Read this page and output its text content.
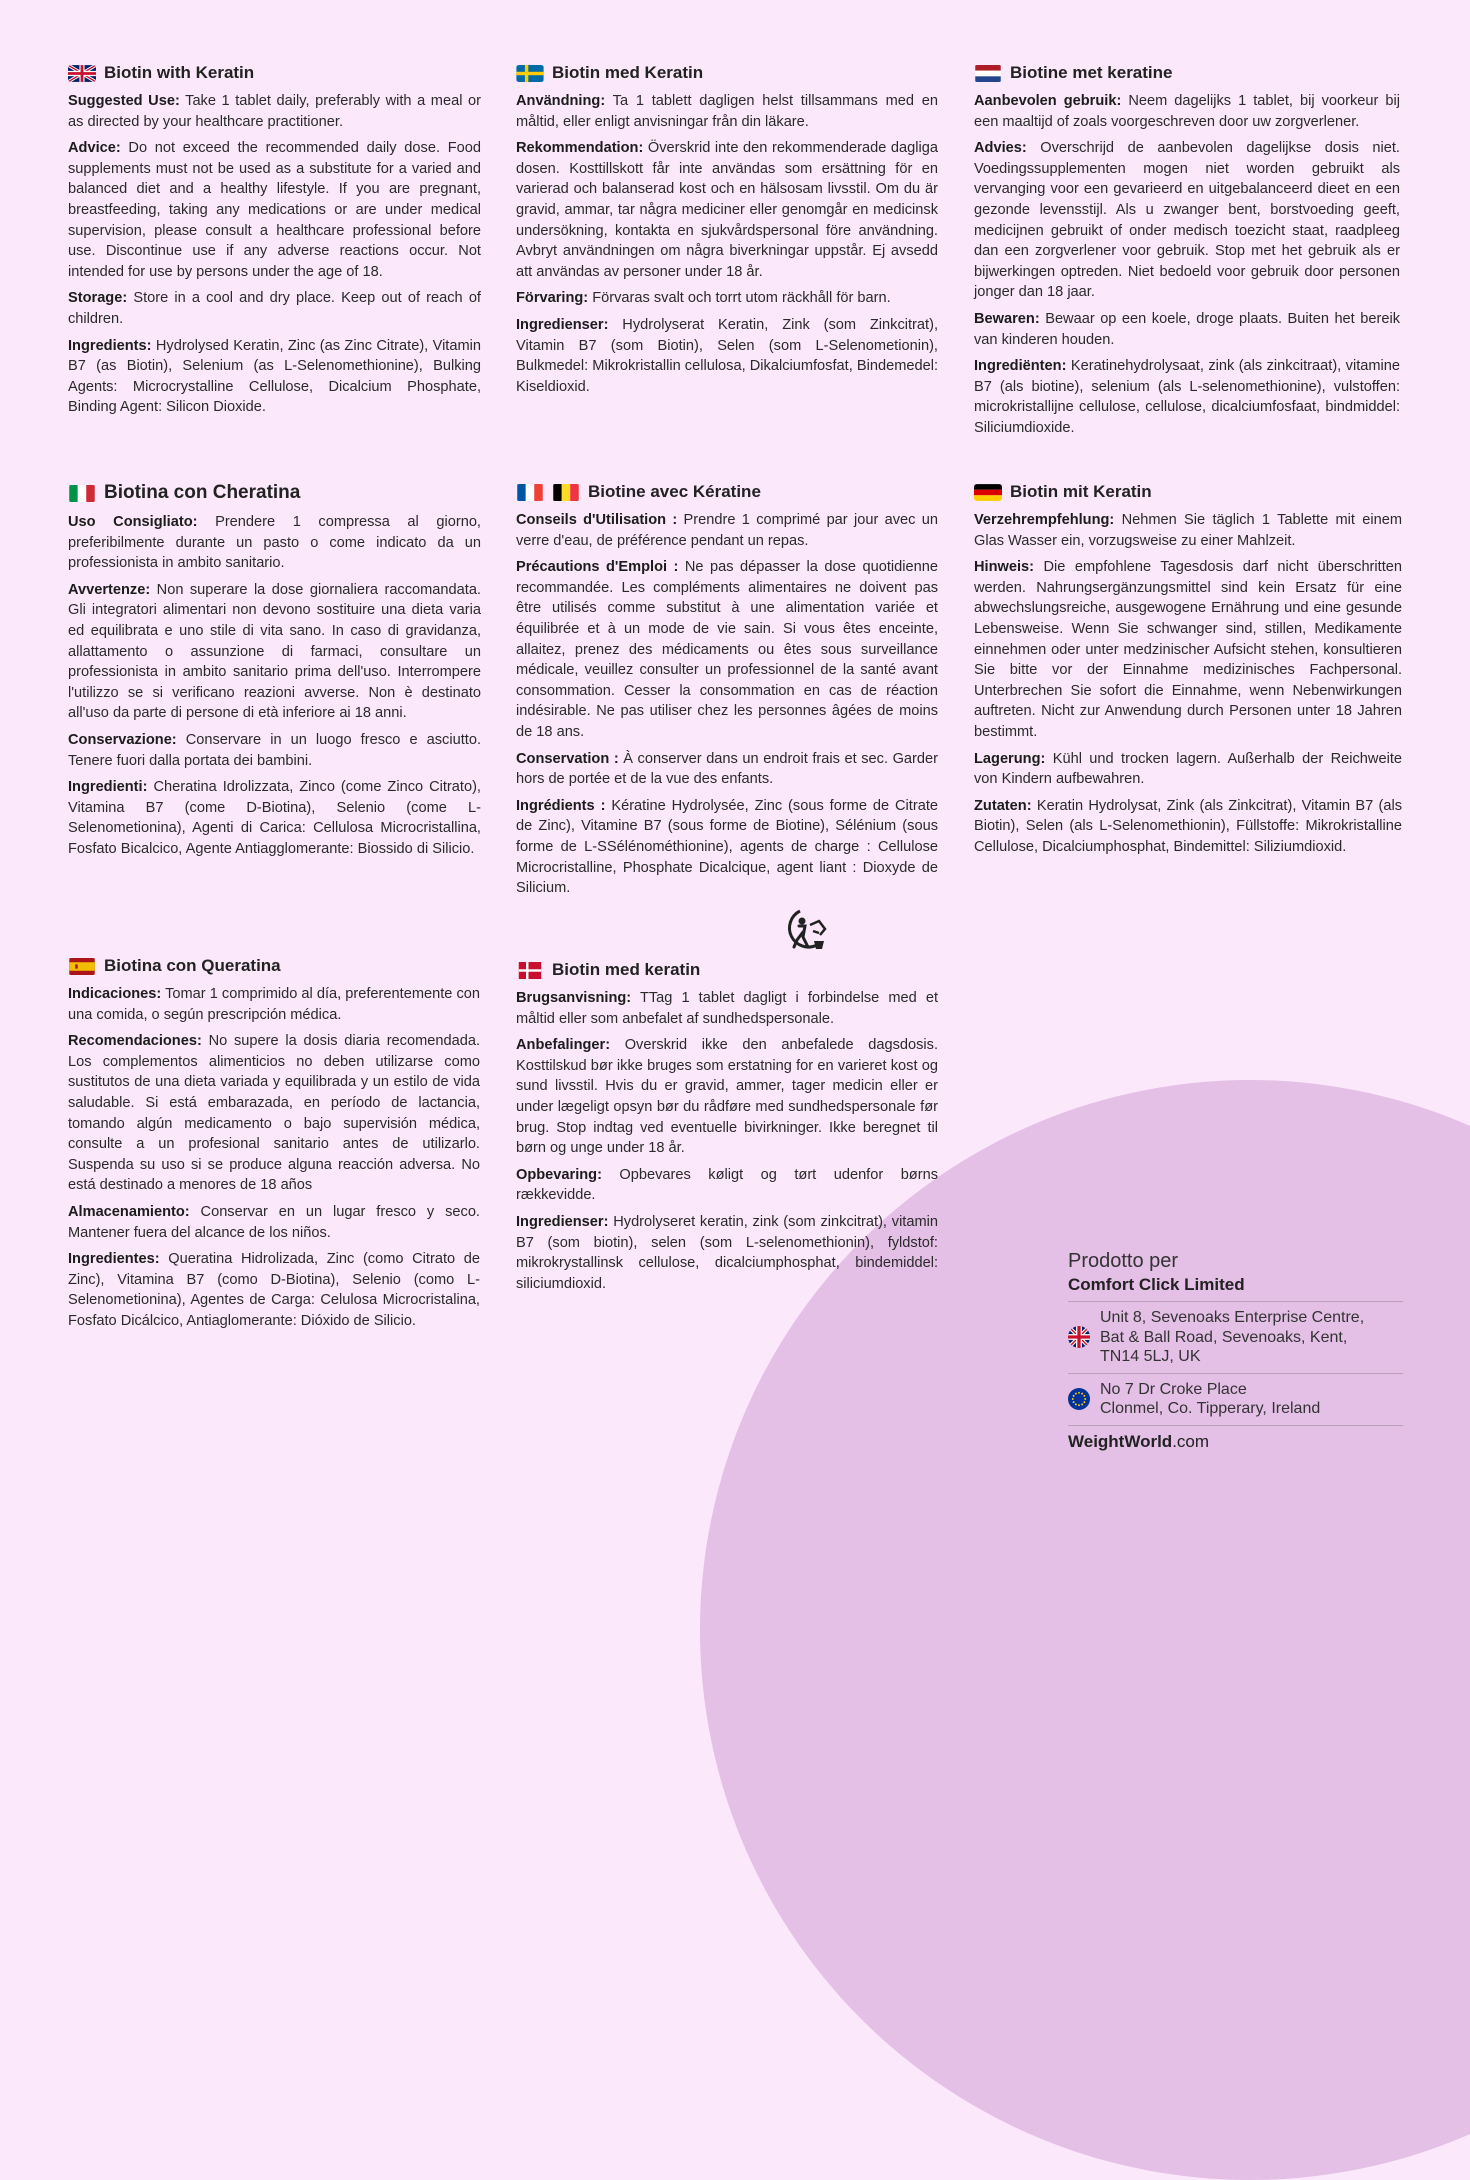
Biotin with Keratin

Suggested Use: Take 1 tablet daily, preferably with a meal or as directed by your healthcare practitioner.

Advice: Do not exceed the recommended daily dose. Food supplements must not be used as a substitute for a varied and balanced diet and a healthy lifestyle. If you are pregnant, breastfeeding, taking any medications or are under medical supervision, please consult a healthcare professional before use. Discontinue use if any adverse reactions occur. Not intended for use by persons under the age of 18.

Storage: Store in a cool and dry place. Keep out of reach of children.

Ingredients: Hydrolysed Keratin, Zinc (as Zinc Citrate), Vitamin B7 (as Biotin), Selenium (as L-Selenomethionine), Bulking Agents: Microcrystalline Cellulose, Dicalcium Phosphate, Binding Agent: Silicon Dioxide.

Biotin med Keratin

Användning: Ta 1 tablett dagligen helst tillsammans med en måltid, eller enligt anvisningar från din läkare.

Rekommendation: Överskrid inte den rekommenderade dagliga dosen. Kosttillskott får inte användas som ersättning för en varierad och balanserad kost och en hälsosam livsstil. Om du är gravid, ammar, tar några mediciner eller genomgår en medicinsk undersökning, kontakta en sjukvårdspersonal före användning. Avbryt användningen om några biverkningar uppstår. Ej avsedd att användas av personer under 18 år.

Förvaring: Förvaras svalt och torrt utom räckhåll för barn.

Ingredienser: Hydrolyserat Keratin, Zink (som Zinkcitrat), Vitamin B7 (som Biotin), Selen (som L-Selenometionin), Bulkmedel: Mikrokristallin cellulosa, Dikalciumfosfat, Bindemedel: Kiseldioxid.

Biotine met keratine

Aanbevolen gebruik: Neem dagelijks 1 tablet, bij voorkeur bij een maaltijd of zoals voorgeschreven door uw zorgverlener.

Advies: Overschrijd de aanbevolen dagelijkse dosis niet. Voedingssupplementen mogen niet worden gebruikt als vervanging voor een gevarieerd en uitgebalanceerd dieet en een gezonde levensstijl. Als u zwanger bent, borstvoeding geeft, medicijnen gebruikt of onder medisch toezicht staat, raadpleeg dan een zorgverlener voor gebruik. Stop met het gebruik als er bijwerkingen optreden. Niet bedoeld voor gebruik door personen jonger dan 18 jaar.

Bewaren: Bewaar op een koele, droge plaats. Buiten het bereik van kinderen houden.

Ingrediënten: Keratinehydrolysaat, zink (als zinkcitraat), vitamine B7 (als biotine), selenium (als L-selenomethionine), vulstoffen: microkristallijne cellulose, cellulose, dicalciumfosfaat, bindmiddel: Siliciumdioxide.

Biotina con Cheratina

Uso Consigliato: Prendere 1 compressa al giorno, preferibilmente durante un pasto o come indicato da un professionista in ambito sanitario.

Avvertenze: Non superare la dose giornaliera raccomandata. Gli integratori alimentari non devono sostituire una dieta varia ed equilibrata e uno stile di vita sano. In caso di gravidanza, allattamento o assunzione di farmaci, consultare un professionista in ambito sanitario prima dell'uso. Interrompere l'utilizzo se si verificano reazioni avverse. Non è destinato all'uso da parte di persone di età inferiore ai 18 anni.

Conservazione: Conservare in un luogo fresco e asciutto. Tenere fuori dalla portata dei bambini.

Ingredienti: Cheratina Idrolizzata, Zinco (come Zinco Citrato), Vitamina B7 (come D-Biotina), Selenio (come L-Selenometionina), Agenti di Carica: Cellulosa Microcristallina, Fosfato Bicalcico, Agente Antiagglomerante: Biossido di Silicio.

Biotine avec Kératine

Conseils d'Utilisation : Prendre 1 comprimé par jour avec un verre d'eau, de préférence pendant un repas.

Précautions d'Emploi : Ne pas dépasser la dose quotidienne recommandée. Les compléments alimentaires ne doivent pas être utilisés comme substitut à une alimentation variée et équilibrée et à un mode de vie sain. Si vous êtes enceinte, allaitez, prenez des médicaments ou êtes sous surveillance médicale, veuillez consulter un professionnel de la santé avant consommation. Cesser la consommation en cas de réaction indésirable. Ne pas utiliser chez les personnes âgées de moins de 18 ans.

Conservation : À conserver dans un endroit frais et sec. Garder hors de portée et de la vue des enfants.

Ingrédients : Kératine Hydrolysée, Zinc (sous forme de Citrate de Zinc), Vitamine B7 (sous forme de Biotine), Sélénium (sous forme de L-SSélénométhionine), agents de charge : Cellulose Microcristalline, Phosphate Dicalcique, agent liant : Dioxyde de Silicium.

Biotin mit Keratin

Verzehrempfehlung: Nehmen Sie täglich 1 Tablette mit einem Glas Wasser ein, vorzugsweise zu einer Mahlzeit.

Hinweis: Die empfohlene Tagesdosis darf nicht überschritten werden. Nahrungsergänzungsmittel sind kein Ersatz für eine abwechslungsreiche, ausgewogene Ernährung und eine gesunde Lebensweise. Wenn Sie schwanger sind, stillen, Medikamente einnehmen oder unter medzinischer Aufsicht stehen, konsultieren Sie bitte vor der Einnahme medizinisches Fachpersonal. Unterbrechen Sie sofort die Einnahme, wenn Nebenwirkungen auftreten. Nicht zur Anwendung durch Personen unter 18 Jahren bestimmt.

Lagerung: Kühl und trocken lagern. Außerhalb der Reichweite von Kindern aufbewahren.

Zutaten: Keratin Hydrolysat, Zink (als Zinkcitrat), Vitamin B7 (als Biotin), Selen (als L-Selenomethionin), Füllstoffe: Mikrokristalline Cellulose, Dicalciumphosphat, Bindemittel: Siliziumdioxid.

Biotina con Queratina

Indicaciones: Tomar 1 comprimido al día, preferentemente con una comida, o según prescripción médica.

Recomendaciones: No supere la dosis diaria recomendada. Los complementos alimenticios no deben utilizarse como sustitutos de una dieta variada y equilibrada y un estilo de vida saludable. Si está embarazada, en período de lactancia, tomando algún medicamento o bajo supervisión médica, consulte a un profesional sanitario antes de utilizarlo. Suspenda su uso si se produce alguna reacción adversa. No está destinado a menores de 18 años

Almacenamiento: Conservar en un lugar fresco y seco. Mantener fuera del alcance de los niños.

Ingredientes: Queratina Hidrolizada, Zinc (como Citrato de Zinc), Vitamina B7 (como D-Biotina), Selenio (como L-Selenometionina), Agentes de Carga: Celulosa Microcristalina, Fosfato Dicálcico, Antiaglomerante: Dióxido de Silicio.

Biotin med keratin

Brugsanvisning: TTag 1 tablet dagligt i forbindelse med et måltid eller som anbefalet af sundhedspersonale.

Anbefalinger: Overskrid ikke den anbefalede dagsdosis. Kosttilskud bør ikke bruges som erstatning for en varieret kost og sund livsstil. Hvis du er gravid, ammer, tager medicin eller er under lægeligt opsyn bør du rådføre med sundhedspersonale før brug. Stop indtag ved eventuelle bivirkninger. Ikke beregnet til børn og unge under 18 år.

Opbevaring: Opbevares køligt og tørt udenfor børns rækkevidde.

Ingredienser: Hydrolyseret keratin, zink (som zinkcitrat), vitamin B7 (som biotin), selen (som L-selenomethionin), fyldstof: mikrokrystallinsk cellulose, dicalciumphosphat, bindemiddel: siliciumdioxid.

Prodotto per

Comfort Click Limited

Unit 8, Sevenoaks Enterprise Centre,
Bat & Ball Road, Sevenoaks, Kent,
TN14 5LJ, UK
No 7 Dr Croke Place
Clonmel, Co. Tipperary, Ireland
WeightWorld.com
